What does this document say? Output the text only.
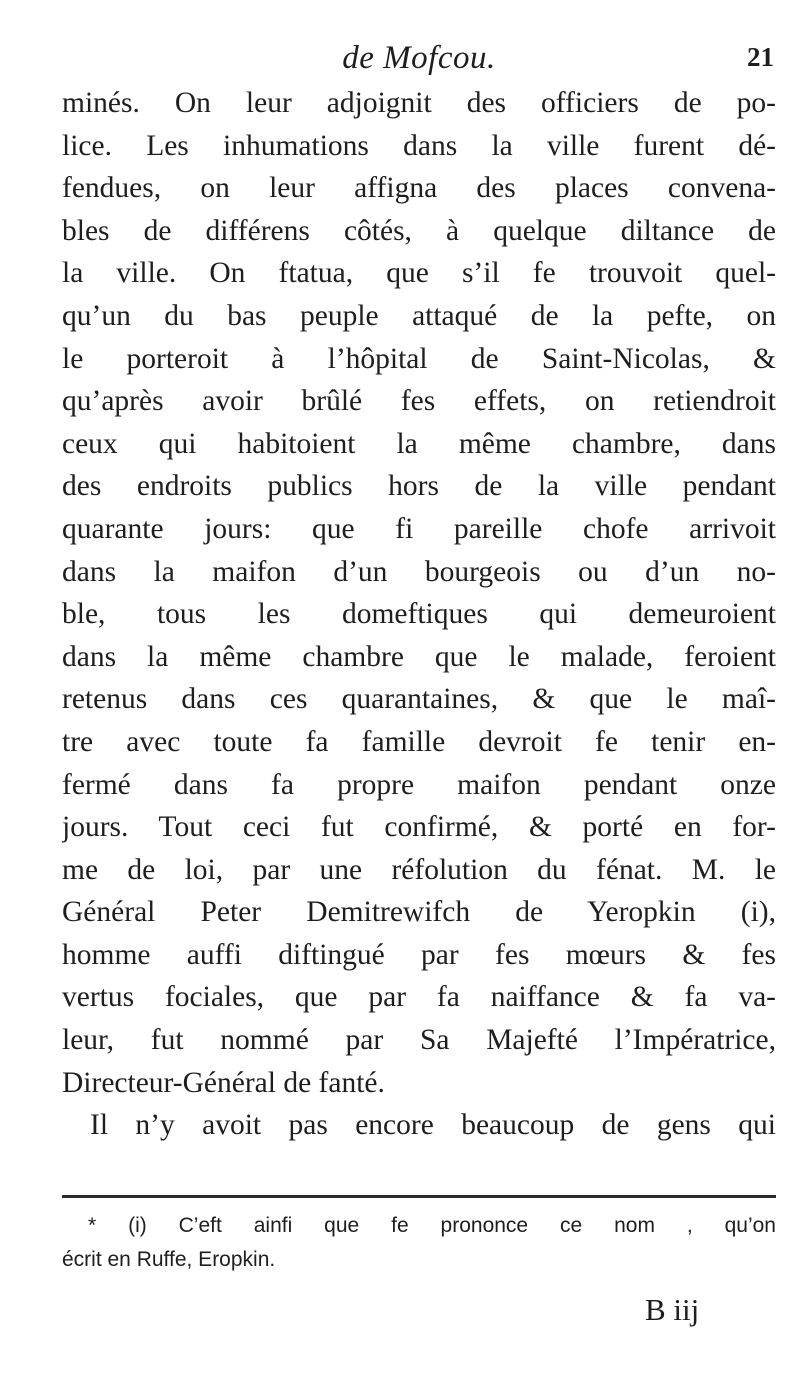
de Mofcou.	21
minés. On leur adjoignit des officiers de po-
lice. Les inhumations dans la ville furent dé-
fendues, on leur affigna des places convena-
bles de différens côtés, à quelque diltance de
la ville. On ftatua, que s’il fe trouvoit quel-
qu’un du bas peuple attaqué de la pefte, on
le porteroit à l’hôpital de Saint-Nicolas, &
qu’après avoir brûlé fes effets, on retiendroit
ceux qui habitoient la même chambre, dans
des endroits publics hors de la ville pendant
quarante jours: que fi pareille chofe arrivoit
dans la maifon d’un bourgeois ou d’un no-
ble, tous les domeftiques qui demeuroient
dans la même chambre que le malade, feroient
retenus dans ces quarantaines, & que le maî-
tre avec toute fa famille devroit fe tenir en-
fermé dans fa propre maifon pendant onze
jours. Tout ceci fut confirmé, & porté en for-
me de loi, par une réfolution du fénat. M. le
Général Peter Demitrewifch de Yeropkin (i),
homme auffi diftingué par fes mœurs & fes
vertus fociales, que par fa naiffance & fa va-
leur, fut nommé par Sa Majefté l’Impératrice,
Directeur-Général de fanté.
Il n’y avoit pas encore beaucoup de gens qui
* (i) C’eft ainfi que fe prononce ce nom , qu’on
écrit en Ruffe, Eropkin.
B iij
